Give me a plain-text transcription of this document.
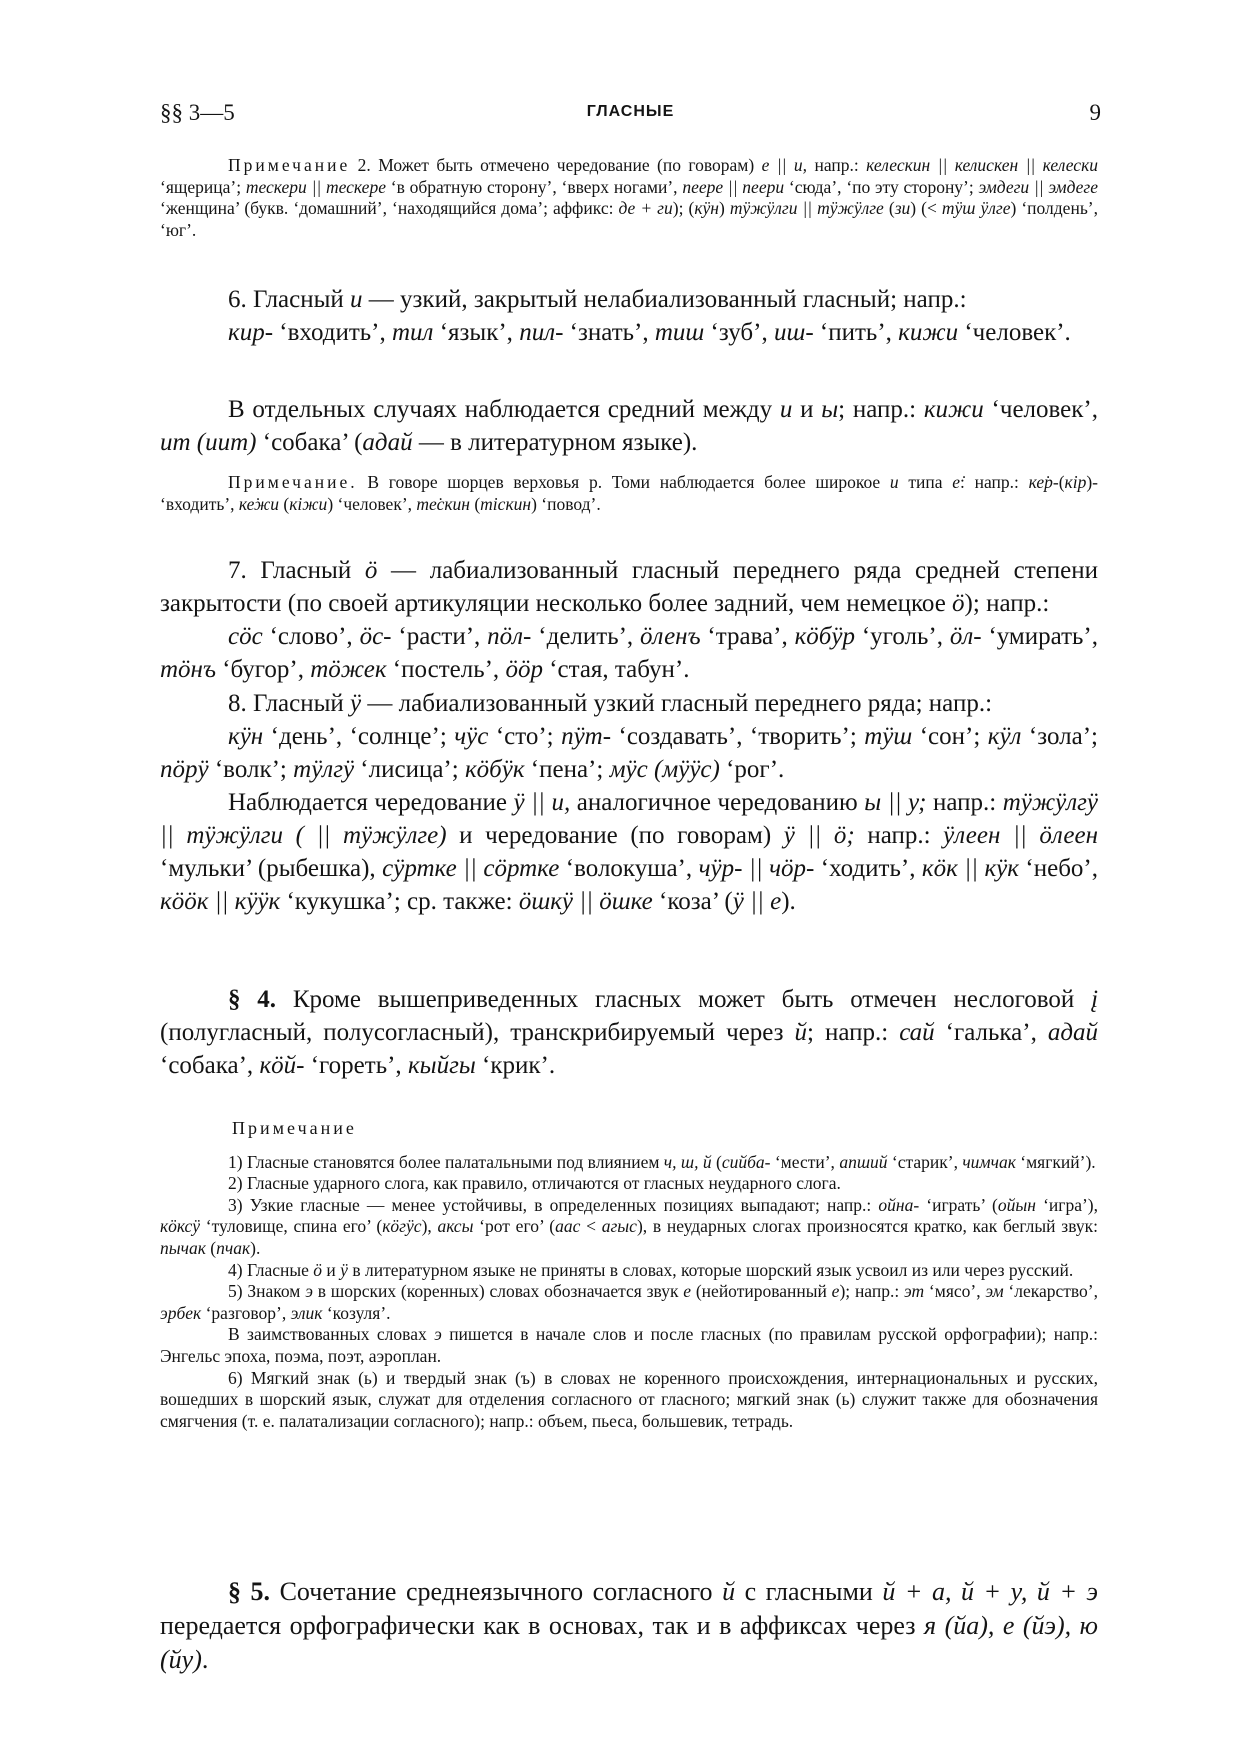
§§ 3—5	ГЛАСНЫЕ	9

Примечание 2. Может быть отмечено чередование (по говорам) е || и, напр.: келескин || келискен || келески ‘ящерица’; тескери || тескере ‘в обратную сторону’, ‘вверх ногами’, пеере || пеери ‘сюда’, ‘по эту сторону’; эмдеги || эмдеге ‘женщина’ (букв. ‘домашний’, ‘находящийся дома’; аффикс: де + ги); (кӱн) тӱжӱлги || тӱжӱлге (зи) (< тӱш ӱлге) ‘полдень’, ‘юг’.

6. Гласный и — узкий, закрытый нелабиализованный гласный; напр.:

кир- ‘входить’, тил ‘язык’, пил- ‘знать’, тиш ‘зуб’, иш- ‘пить’, кижи ‘человек’.

В отдельных случаях наблюдается средний между и и ы; напр.: кижи ‘человек’, ит (иит) ‘собака’ (адай — в литературном языке).

Примечание. В говоре шорцев верховья р. Томи наблюдается более широкое и типа е̇: напр.: ке̇р-(кір)- ‘входить’, ке̇жи (кіжи) ‘человек’, те̇скин (тіскин) ‘повод’.

7. Гласный ӧ — лабиализованный гласный переднего ряда средней степени закрытости (по своей артикуляции несколько более задний, чем немецкое ö); напр.:

сӧс ‘слово’, ӧс- ‘расти’, пӧл- ‘делить’, ӧленъ ‘трава’, кӧбӱр ‘уголь’, ӧл- ‘умирать’, тӧнъ ‘бугор’, тӧжек ‘постель’, ӧӧр ‘стая, табун’.

8. Гласный ӱ — лабиализованный узкий гласный переднего ряда; напр.:

кӱн ‘день’, ‘солнце’; чӱс ‘сто’; пӱт- ‘создавать’, ‘творить’; тӱш ‘сон’; кӱл ‘зола’; пӧрӱ ‘волк’; тӱлгӱ ‘лисица’; кӧбӱк ‘пена’; мӱс (мӱӱс) ‘рог’.

Наблюдается чередование ӱ || и, аналогичное чередованию ы || у; напр.: тӱжӱлгӱ || тӱжӱлги ( || тӱжӱлге) и чередование (по говорам) ӱ || ӧ; напр.: ӱлеен || ӧлеен ‘мульки’ (рыбешка), сӱртке || сӧртке ‘волокуша’, чӱр- || чӧр- ‘ходить’, кӧк || кӱк ‘небо’, кӧӧк || кӱӱк ‘кукушка’; ср. также: ӧшкӱ || ӧшке ‘коза’ (ӱ || е).

§ 4. Кроме вышеприведенных гласных может быть отмечен неслоговой į (полугласный, полусогласный), транскрибируемый через й; напр.: сай ‘галька’, адай ‘собака’, кӧй- ‘гореть’, кыйгы ‘крик’.

Примечание

1) Гласные становятся более палатальными под влиянием ч, ш, й (сийба- ‘мести’, апший ‘старик’, чимчак ‘мягкий’).

2) Гласные ударного слога, как правило, отличаются от гласных неударного слога.

3) Узкие гласные — менее устойчивы, в определенных позициях выпадают; напр.: ойна- ‘играть’ (ойын ‘игра’), кӧксӱ ‘туловище, спина его’ (кӧгӱс), аксы ‘рот его’ (аас < агыс), в неударных слогах произносятся кратко, как беглый звук: пычак (пчак).

4) Гласные ӧ и ӱ в литературном языке не приняты в словах, которые шорский язык усвоил из или через русский.

5) Знаком э в шорских (коренных) словах обозначается звук е (нейотированный е); напр.: эт ‘мясо’, эм ‘лекарство’, эрбек ‘разговор’, элик ‘козуля’.

В заимствованных словах э пишется в начале слов и после гласных (по правилам русской орфографии); напр.: Энгельс эпоха, поэма, поэт, аэроплан.

6) Мягкий знак (ь) и твердый знак (ъ) в словах не коренного происхождения, интернациональных и русских, вошедших в шорский язык, служат для отделения согласного от гласного; мягкий знак (ь) служит также для обозначения смягчения (т. е. палатализации согласного); напр.: объем, пьеса, большевик, тетрадь.

§ 5. Сочетание среднеязычного согласного й с гласными й + а, й + у, й + э передается орфографически как в основах, так и в аффиксах через я (йа), е (йэ), ю (йу).
